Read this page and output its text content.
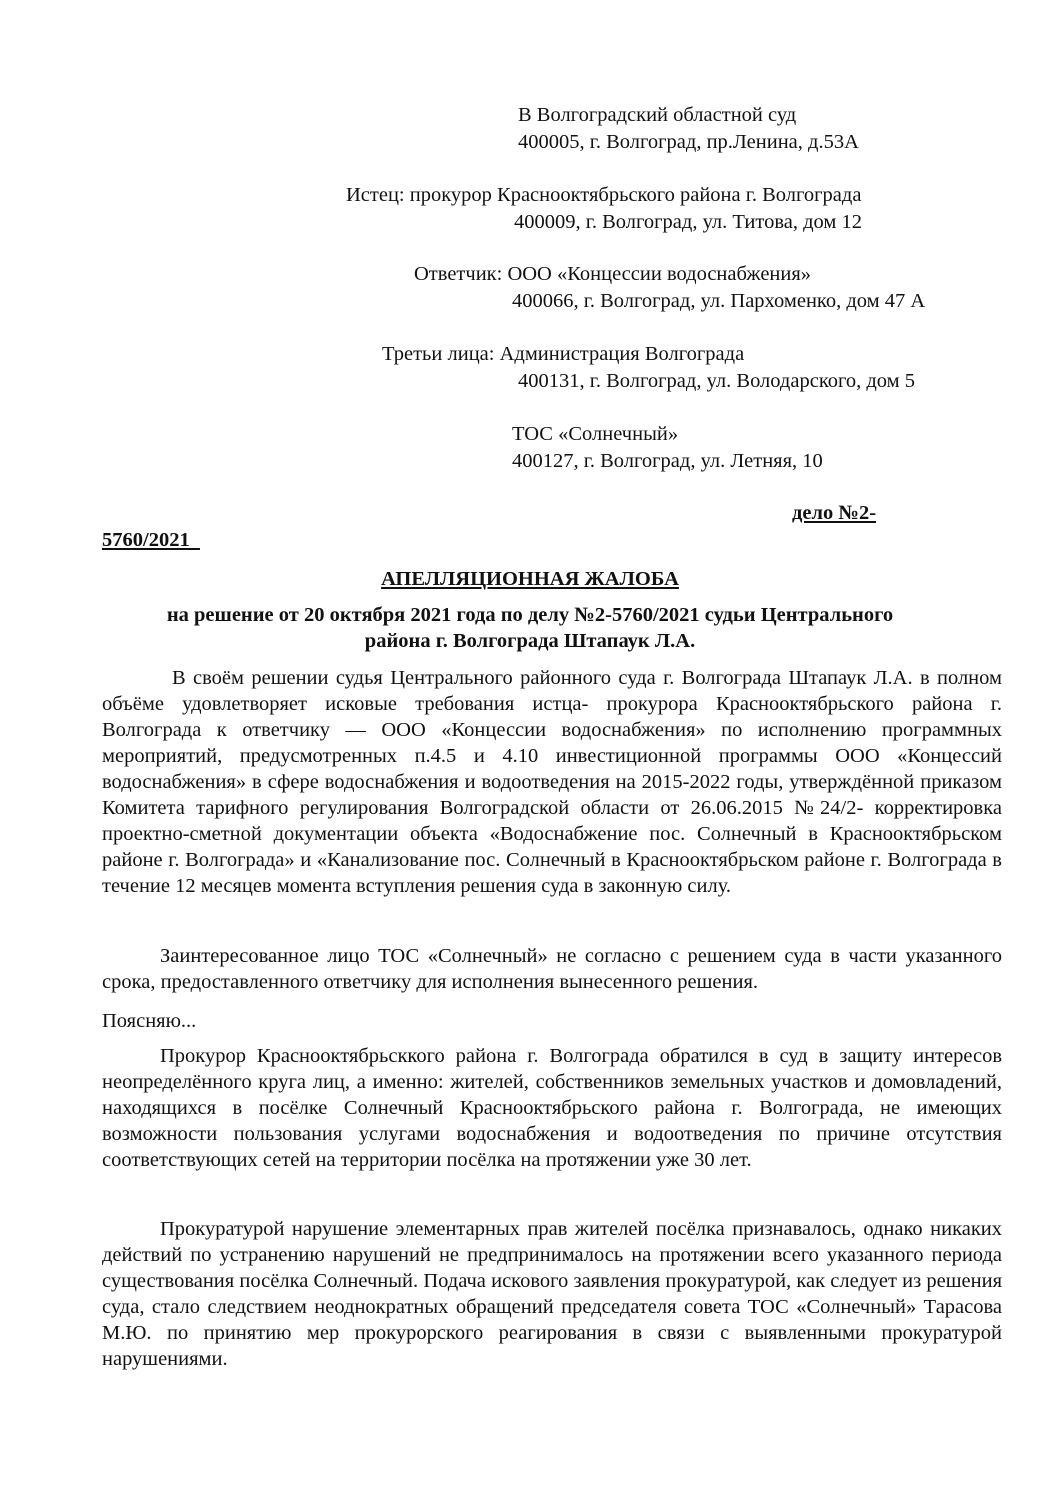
В Волгоградский областной суд
400005, г. Волгоград, пр.Ленина, д.53А
Истец: прокурор Краснооктябрьского района г. Волгограда
400009, г. Волгоград, ул. Титова, дом 12
Ответчик: ООО «Концессии водоснабжения»
400066, г. Волгоград, ул. Пархоменко, дом 47 А
Третьи лица: Администрация Волгограда
400131, г. Волгоград, ул. Володарского, дом 5
ТОС «Солнечный»
400127, г. Волгоград, ул. Летняя, 10
дело №2-
5760/2021
АПЕЛЛЯЦИОННАЯ ЖАЛОБА
на решение от 20 октября 2021 года по делу №2-5760/2021 судьи Центрального
района г. Волгограда Штапаук Л.А.
В своём решении судья Центрального районного суда г. Волгограда Штапаук Л.А. в полном объёме удовлетворяет исковые требования истца- прокурора Краснооктябрьского района г. Волгограда к ответчику — ООО «Концессии водоснабжения» по исполнению программных мероприятий, предусмотренных п.4.5 и 4.10 инвестиционной программы ООО «Концессий водоснабжения» в сфере водоснабжения и водоотведения на 2015-2022 годы, утверждённой приказом Комитета тарифного регулирования Волгоградской области от 26.06.2015 №24/2- корректировка проектно-сметной документации объекта «Водоснабжение пос. Солнечный в Краснооктябрьском районе г. Волгограда» и «Канализование пос. Солнечный в Краснооктябрьском районе г. Волгограда в течение 12 месяцев момента вступления решения суда в законную силу.
Заинтересованное лицо ТОС «Солнечный» не согласно с решением суда в части указанного срока, предоставленного ответчику для исполнения вынесенного решения.
Поясняю...
Прокурор Краснооктябрьсккого района г. Волгограда обратился в суд в защиту интересов неопределённого круга лиц, а именно: жителей, собственников земельных участков и домовладений, находящихся в посёлке Солнечный Краснооктябрьского района г. Волгограда, не имеющих возможности пользования услугами водоснабжения и водоотведения по причине отсутствия соответствующих сетей на территории посёлка на протяжении уже 30 лет.
Прокуратурой нарушение элементарных прав жителей посёлка признавалось, однако никаких действий по устранению нарушений не предпринималось на протяжении всего указанного периода существования посёлка Солнечный. Подача искового заявления прокуратурой, как следует из решения суда, стало следствием неоднократных обращений председателя совета ТОС «Солнечный» Тарасова М.Ю. по принятию мер прокурорского реагирования в связи с выявленными прокуратурой нарушениями.
